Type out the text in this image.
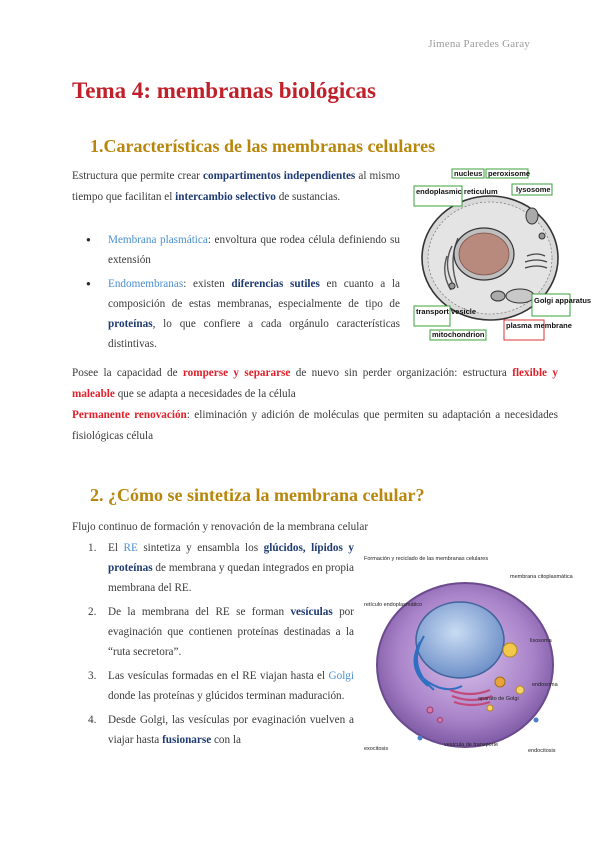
Jimena Paredes Garay
Tema 4: membranas biológicas
1.Características de las membranas celulares
Estructura que permite crear compartimentos independientes al mismo tiempo que facilitan el intercambio selectivo de sustancias.
● Membrana plasmática: envoltura que rodea célula definiendo su extensión
● Endomembranas: existen diferencias sutiles en cuanto a la composición de estas membranas, especialmente de tipo de proteínas, lo que confiere a cada orgánulo características distintivas.
nucleus peroxisome
lysosome
endoplasmic reticulum
Golgi apparatus
transport vesicle
plasma membrane
mitochondrion
Posee la capacidad de romperse y separarse de nuevo sin perder organización: estructura flexible y maleable que se adapta a necesidades de la célula
Permanente renovación: eliminación y adición de moléculas que permiten su adaptación a necesidades fisiológicas célula
2. ¿Cómo se sintetiza la membrana celular?
Flujo continuo de formación y renovación de la membrana celular
1. El RE sintetiza y ensambla los glúcidos, lípidos y proteínas de membrana y quedan integrados en propia membrana del RE.
2. De la membrana del RE se forman vesículas por evaginación que contienen proteínas destinadas a la “ruta secretora”.
3. Las vesículas formadas en el RE viajan hasta el Golgi donde las proteínas y glúcidos terminan maduración.
4. Desde Golgi, las vesículas por evaginación vuelven a viajar hasta fusionarse con la
Formación y reciclado de las membranas celulares
membrana citoplasmática
retículo endoplasmático
lisosoma
aparato de Golgi
endosoma
vesícula de transporte
exocitosis	endocitosis
